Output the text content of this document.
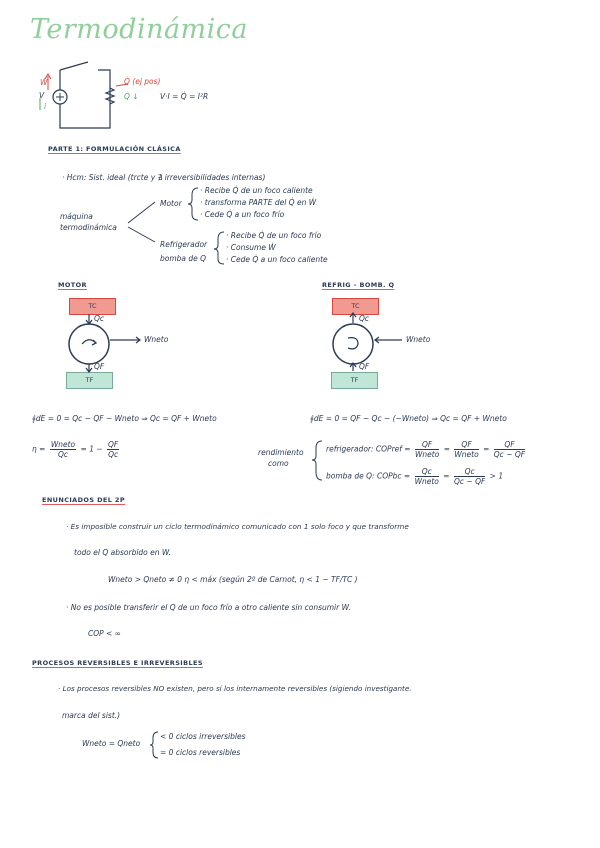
Termodinámica
Q̇ (ej pos)
Ẇ
i
V	Q̇ ↓	V·I = Q̇ = I²R
PARTE 1: FORMULACIÓN CLÁSICA
· Hcm: Sist. ideal (trcte y ∄ irreversibilidades internas)
máquina
termodinámica
Motor
· Recibe Q̇ de un foco caliente
· transforma PARTE del Q̇ en Ẇ
· Cede Q̇ a un foco frío
Refrigerador
bomba de Q
· Recibe Q̇ de un foco frío
· Consume Ẇ
· Cede Q̇ a un foco caliente
MOTOR
TC
TF
Qc
QF
Wneto
REFRIG - BOMB. Q
TC
TF
Qc
QF
Wneto
∮dE = 0 = Qc − QF − Wneto ⇒ Qc = QF + Wneto	∮dE = 0 = QF − Qc − (−Wneto) ⇒ Qc = QF + Wneto
$\eta = \frac{\text{Wneto}}{Qc} = 1 - \frac{QF}{Qc}$	rendimiento
como
refrigerador: COPref = $\frac{QF}{\text{Wneto}} = \frac{QF}{\text{Wneto}} = \frac{QF}{Qc - QF}$
bomba de Q: COPbc = $\frac{Qc}{\text{Wneto}} = \frac{Qc}{Qc - QF} > 1$
ENUNCIADOS DEL 2P
· Es imposible construir un ciclo termodinámico comunicado con 1 solo foco y que transforme
todo el Q absorbido en W.
Wneto > Qneto ≠ 0 η < máx (según 2º de Carnot, η < 1 − TF/TC )
· No es posible transferir el Q de un foco frío a otro caliente sin consumir W.
COP < ∞
PROCESOS REVERSIBLES E IRREVERSIBLES
· Los procesos reversibles NO existen, pero sí los internamente reversibles (sigiendo investigante.
marca del sist.)
Wneto = Qneto
< 0 ciclos irreversibles
= 0 ciclos reversibles
